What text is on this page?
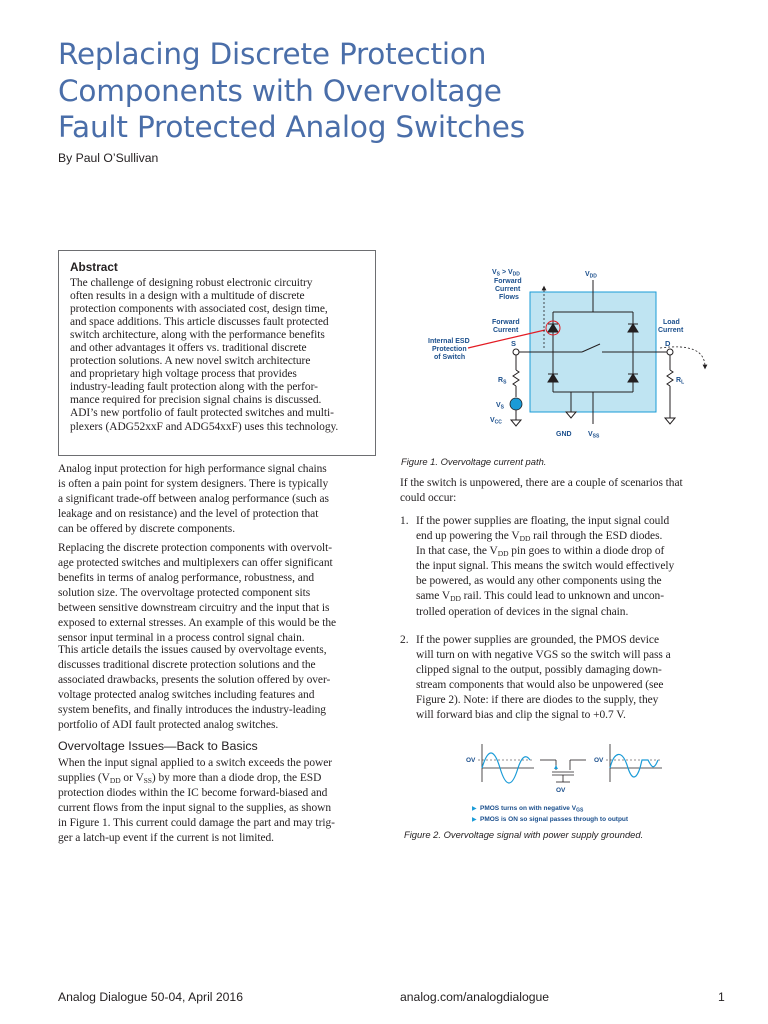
Replacing Discrete Protection
Components with Overvoltage
Fault Protected Analog Switches
By Paul O’Sullivan
Abstract
The challenge of designing robust electronic circuitry
often results in a design with a multitude of discrete
protection components with associated cost, design time,
and space additions. This article discusses fault protected
switch architecture, along with the performance benefits
and other advantages it offers vs. traditional discrete
protection solutions. A new novel switch architecture
and proprietary high voltage process that provides
industry-leading fault protection along with the perfor-
mance required for precision signal chains is discussed.
ADI’s new portfolio of fault protected switches and multi-
plexers (ADG52xxF and ADG54xxF) uses this technology.
Analog input protection for high performance signal chains
is often a pain point for system designers. There is typically
a significant trade-off between analog performance (such as
leakage and on resistance) and the level of protection that
can be offered by discrete components.
Replacing the discrete protection components with overvolt-
age protected switches and multiplexers can offer significant
benefits in terms of analog performance, robustness, and
solution size. The overvoltage protected component sits
between sensitive downstream circuitry and the input that is
exposed to external stresses. An example of this would be the
sensor input terminal in a process control signal chain.
This article details the issues caused by overvoltage events,
discusses traditional discrete protection solutions and the
associated drawbacks, presents the solution offered by over-
voltage protected analog switches including features and
system benefits, and finally introduces the industry-leading
portfolio of ADI fault protected analog switches.
Overvoltage Issues—Back to Basics
When the input signal applied to a switch exceeds the power
supplies ($V_{DD}$ or $V_{SS}$) by more than a diode drop, the ESD
protection diodes within the IC become forward-biased and
current flows from the input signal to the supplies, as shown
in Figure 1. This current could damage the part and may trig-
ger a latch-up event if the current is not limited.
$V_S > V_{DD}$
Forward
Current
Flows
$V_{DD}$
Forward
Current
Load
Current
Internal ESD
Protection
of Switch
S	D
$R_S$	$R_L$
$V_S$
$V_{CC}$
GND $V_{SS}$
Figure 1. Overvoltage current path.
If the switch is unpowered, there are a couple of scenarios that
could occur:
1. If the power supplies are floating, the input signal could
end up powering the $V_{DD}$ rail through the ESD diodes.
In that case, the $V_{DD}$ pin goes to within a diode drop of
the input signal. This means the switch would effectively
be powered, as would any other components using the
same $V_{DD}$ rail. This could lead to unknown and uncon-
trolled operation of devices in the signal chain.
2. If the power supplies are grounded, the PMOS device
will turn on with negative VGS so the switch will pass a
clipped signal to the output, possibly damaging down-
stream components that would also be unpowered (see
Figure 2). Note: if there are diodes to the supply, they
will forward bias and clip the signal to +0.7 V.
OV
OV
OV
▶ PMOS turns on with negative $V_{GS}$
▶ PMOS is ON so signal passes through to output
Figure 2. Overvoltage signal with power supply grounded.
Analog Dialogue 50-04, April 2016	analog.com/analogdialogue	1
